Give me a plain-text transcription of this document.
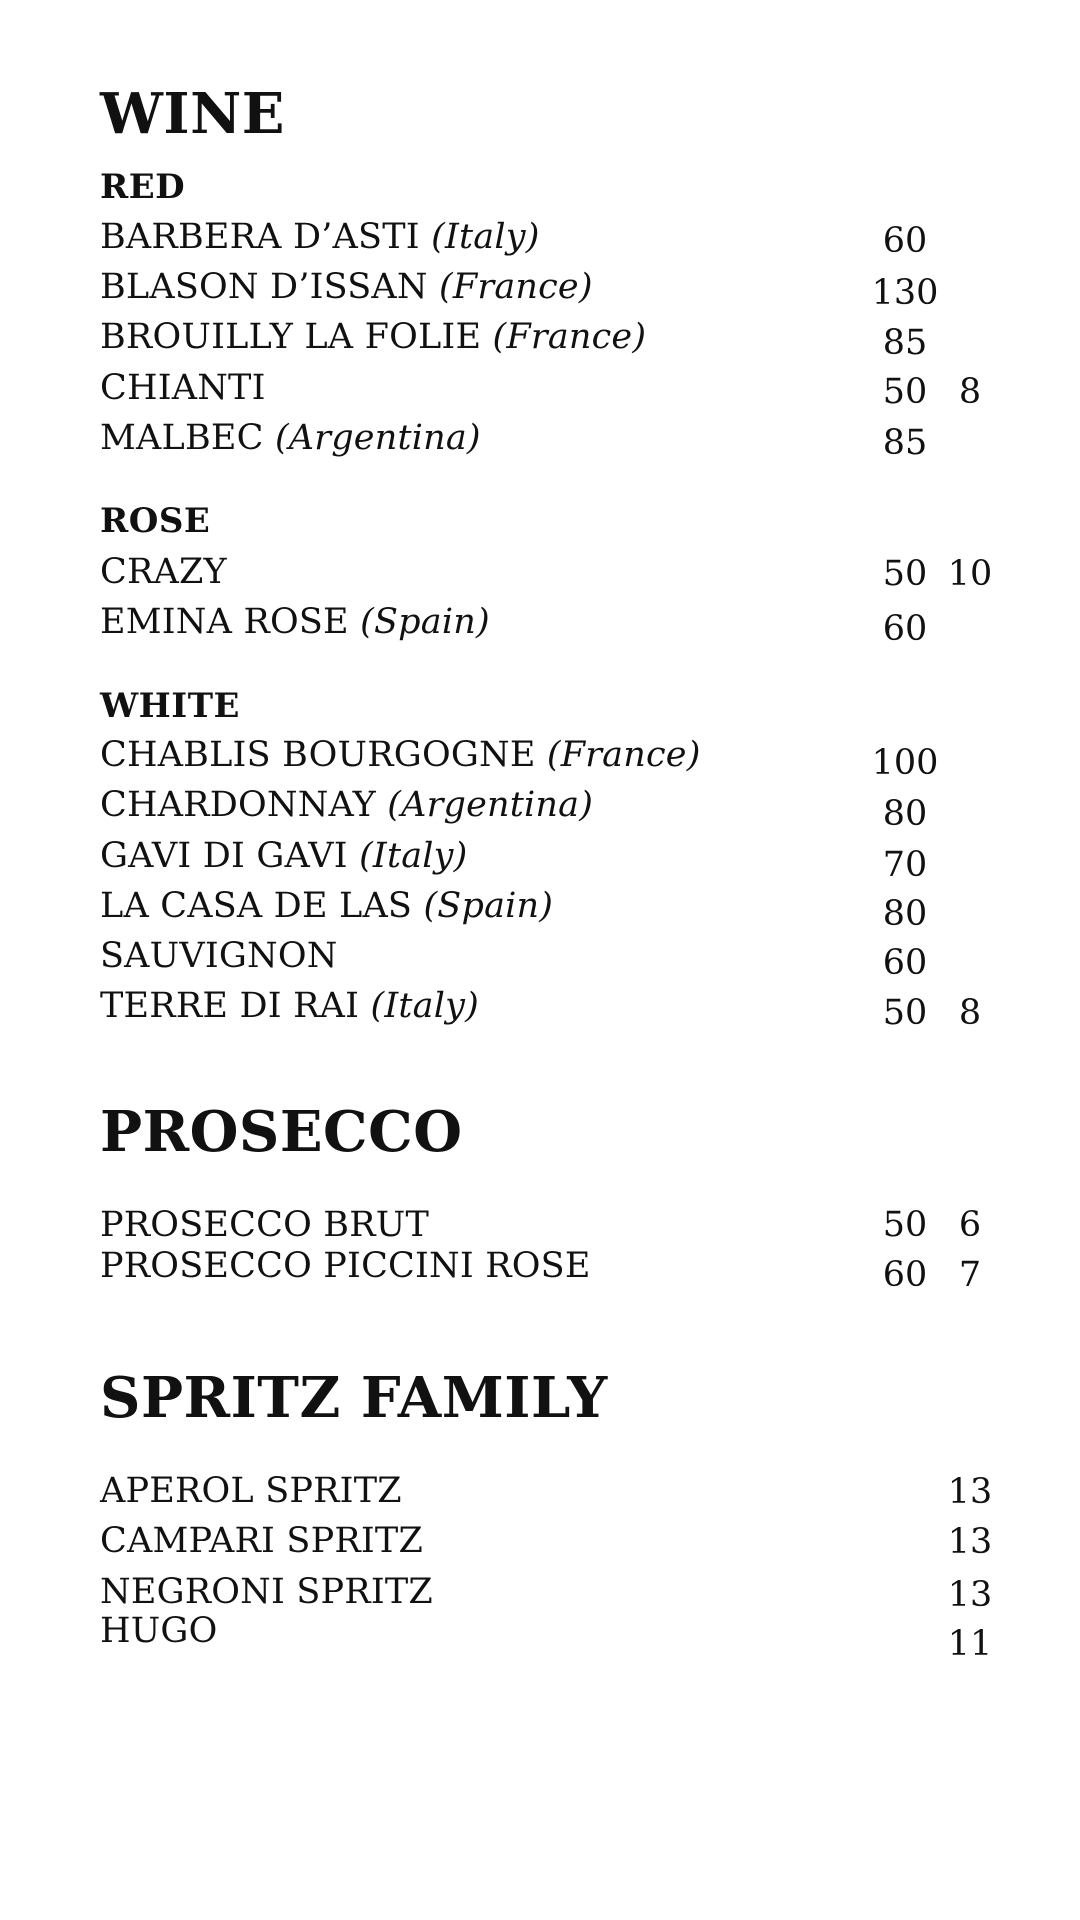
WINE
RED
BARBERA D’ASTI (Italy)	60
BLASON D’ISSAN (France)	130
BROUILLY LA FOLIE (France)	85
CHIANTI	50 8
MALBEC (Argentina)	85
ROSE
CRAZY	50 10
EMINA ROSE (Spain)	60
WHITE
CHABLIS BOURGOGNE (France)	100
CHARDONNAY (Argentina)	80
GAVI DI GAVI (Italy)	70
LA CASA DE LAS (Spain)	80
SAUVIGNON	60
TERRE DI RAI (Italy)	50 8
PROSECCO
PROSECCO BRUT	50 6
PROSECCO PICCINI ROSE	60 7
SPRITZ FAMILY
APEROL SPRITZ	13
CAMPARI SPRITZ	13
NEGRONI SPRITZ	13
HUGO	11
